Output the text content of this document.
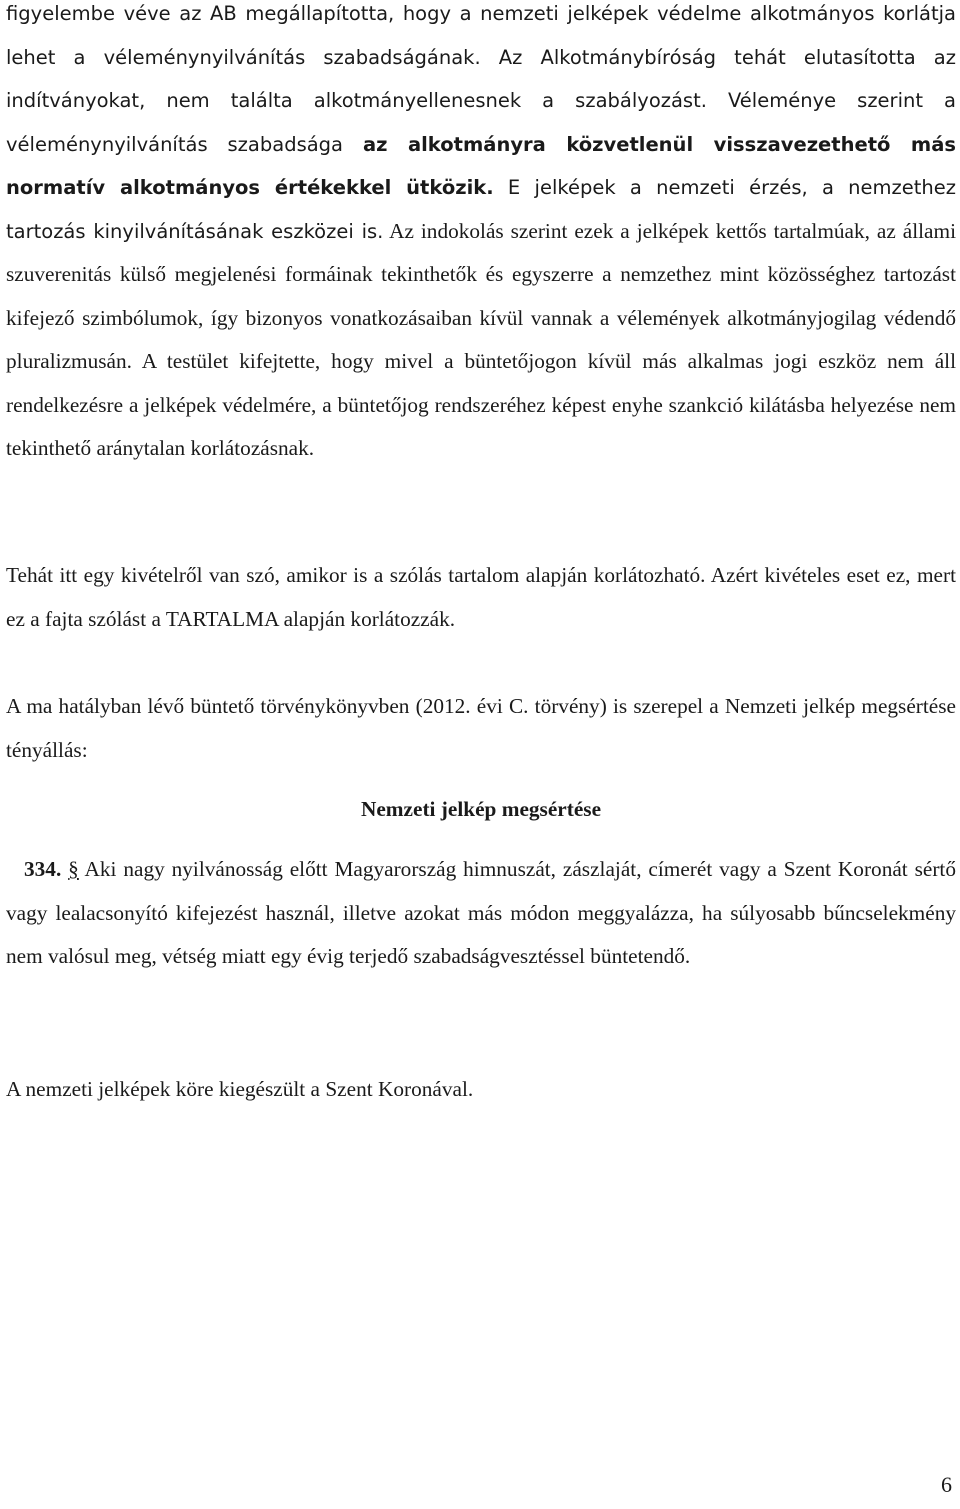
figyelembe véve az AB megállapította, hogy a nemzeti jelképek védelme alkotmányos korlátja lehet a véleménynyilvánítás szabadságának. Az Alkotmánybíróság tehát elutasította az indítványokat, nem találta alkotmányellenesnek a szabályozást. Véleménye szerint a véleménynyilvánítás szabadsága az alkotmányra közvetlenül visszavezethető más normatív alkotmányos értékekkel ütközik. E jelképek a nemzeti érzés, a nemzethez tartozás kinyilvánításának eszközei is. Az indokolás szerint ezek a jelképek kettős tartalmúak, az állami szuverenitás külső megjelenési formáinak tekinthetők és egyszerre a nemzethez mint közösséghez tartozást kifejező szimbólumok, így bizonyos vonatkozásaiban kívül vannak a vélemények alkotmányjogilag védendő pluralizmusán. A testület kifejtette, hogy mivel a büntetőjogon kívül más alkalmas jogi eszköz nem áll rendelkezésre a jelképek védelmére, a büntetőjog rendszeréhez képest enyhe szankció kilátásba helyezése nem tekinthető aránytalan korlátozásnak.

Tehát itt egy kivételről van szó, amikor is a szólás tartalom alapján korlátozható. Azért kivételes eset ez, mert ez a fajta szólást a TARTALMA alapján korlátozzák.

A ma hatályban lévő büntető törvénykönyvben (2012. évi C. törvény) is szerepel a Nemzeti jelkép megsértése tényállás:

Nemzeti jelkép megsértése

334. § Aki nagy nyilvánosság előtt Magyarország himnuszát, zászlaját, címerét vagy a Szent Koronát sértő vagy lealacsonyító kifejezést használ, illetve azokat más módon meggyalázza, ha súlyosabb bűncselekmény nem valósul meg, vétség miatt egy évig terjedő szabadságvesztéssel büntetendő.

A nemzeti jelképek köre kiegészült a Szent Koronával.

6
